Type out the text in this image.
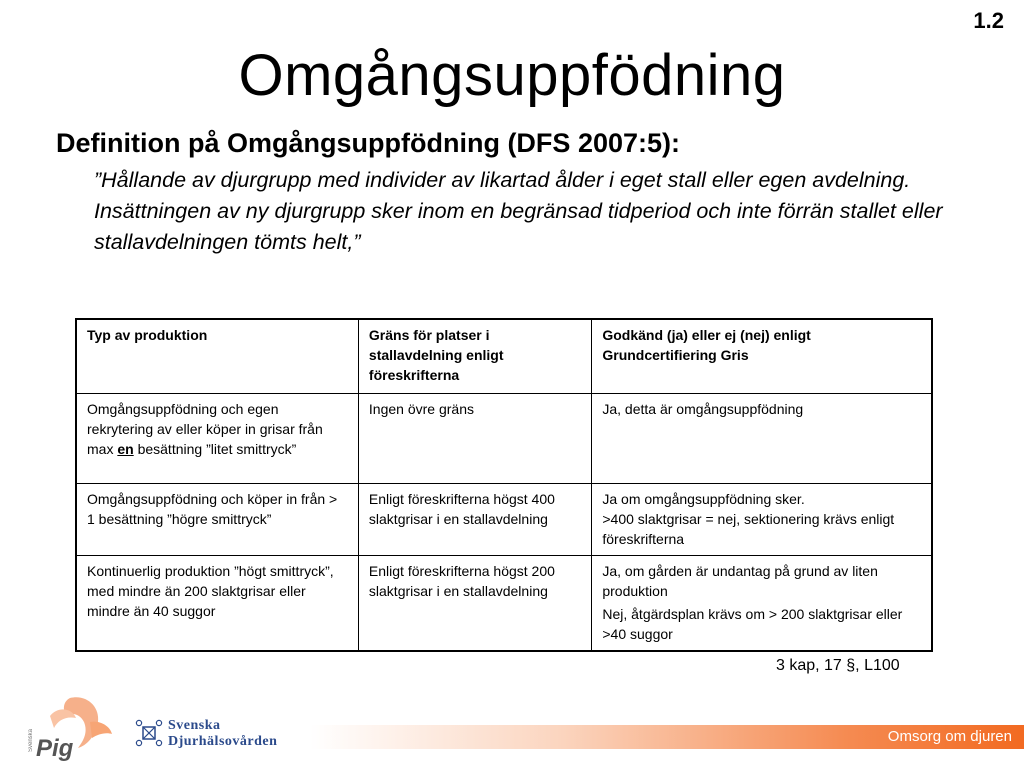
1.2
Omgångsuppfödning
Definition på Omgångsuppfödning (DFS 2007:5):
”Hållande av djurgrupp med individer av likartad ålder i eget stall eller egen avdelning. Insättningen av ny djurgrupp sker inom en begränsad tidperiod och inte förrän stallet eller stallavdelningen tömts helt,”
Typ av produktion	Gräns för platser i stallavdelning enligt föreskrifterna	Godkänd (ja) eller ej (nej) enligt Grundcertifiering Gris
Omgångsuppfödning och egen rekrytering av eller köper in grisar från max en besättning ”litet smittryck”	Ingen övre gräns	Ja, detta är omgångsuppfödning

Omgångsuppfödning och köper in från > 1 besättning ”högre smittryck”	Enligt föreskrifterna högst 400 slaktgrisar i en stallavdelning	Ja om omgångsuppfödning sker.
>400 slaktgrisar = nej, sektionering krävs enligt föreskrifterna

Kontinuerlig produktion ”högt smittryck”, med mindre än 200 slaktgrisar eller mindre än 40 suggor	Enligt föreskrifterna högst 200 slaktgrisar i en stallavdelning	Ja, om gården är undantag på grund av liten produktion
Nej, åtgärdsplan krävs om > 200 slaktgrisar eller >40 suggor
3 kap, 17 §, L100
Svenska Pig
Svenska
Djurhälsovården	Omsorg om djuren
